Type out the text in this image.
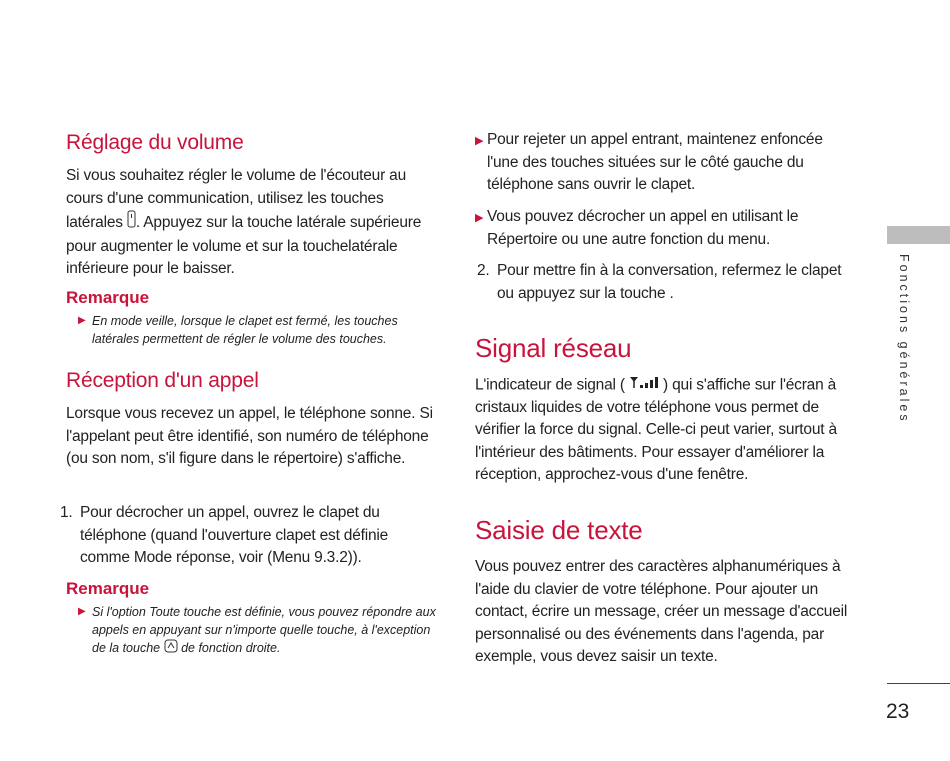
Réglage du volume

Si vous souhaitez régler le volume de l'écouteur au cours d'une communication, utilisez les touches latérales . Appuyez sur la touche latérale supérieure pour augmenter le volume et sur la touchelatérale inférieure pour le baisser.

Remarque
▶ En mode veille, lorsque le clapet est fermé, les touches latérales permettent de régler le volume des touches.
Réception d'un appel

Lorsque vous recevez un appel, le téléphone sonne. Si l'appelant peut être identifié, son numéro de téléphone (ou son nom, s'il figure dans le répertoire) s'affiche.

1. Pour décrocher un appel, ouvrez le clapet du téléphone (quand l'ouverture clapet est définie comme Mode réponse, voir (Menu 9.3.2)).
Remarque
▶ Si l'option Toute touche est définie, vous pouvez répondre aux appels en appuyant sur n'importe quelle touche, à l'exception de la touche de fonction droite.
▶ Pour rejeter un appel entrant, maintenez enfoncée l'une des touches situées sur le côté gauche du téléphone sans ouvrir le clapet.
▶ Vous pouvez décrocher un appel en utilisant le Répertoire ou une autre fonction du menu.
2. Pour mettre fin à la conversation, refermez le clapet ou appuyez sur la touche .
Signal réseau

L'indicateur de signal ( ) qui s'affiche sur l'écran à cristaux liquides de votre téléphone vous permet de vérifier la force du signal. Celle-ci peut varier, surtout à l'intérieur des bâtiments. Pour essayer d'améliorer la réception, approchez-vous d'une fenêtre.

Saisie de texte

Vous pouvez entrer des caractères alphanumériques à l'aide du clavier de votre téléphone. Pour ajouter un contact, écrire un message, créer un message d'accueil personnalisé ou des événements dans l'agenda, par exemple, vous devez saisir un texte.

Fonctions générales
23
